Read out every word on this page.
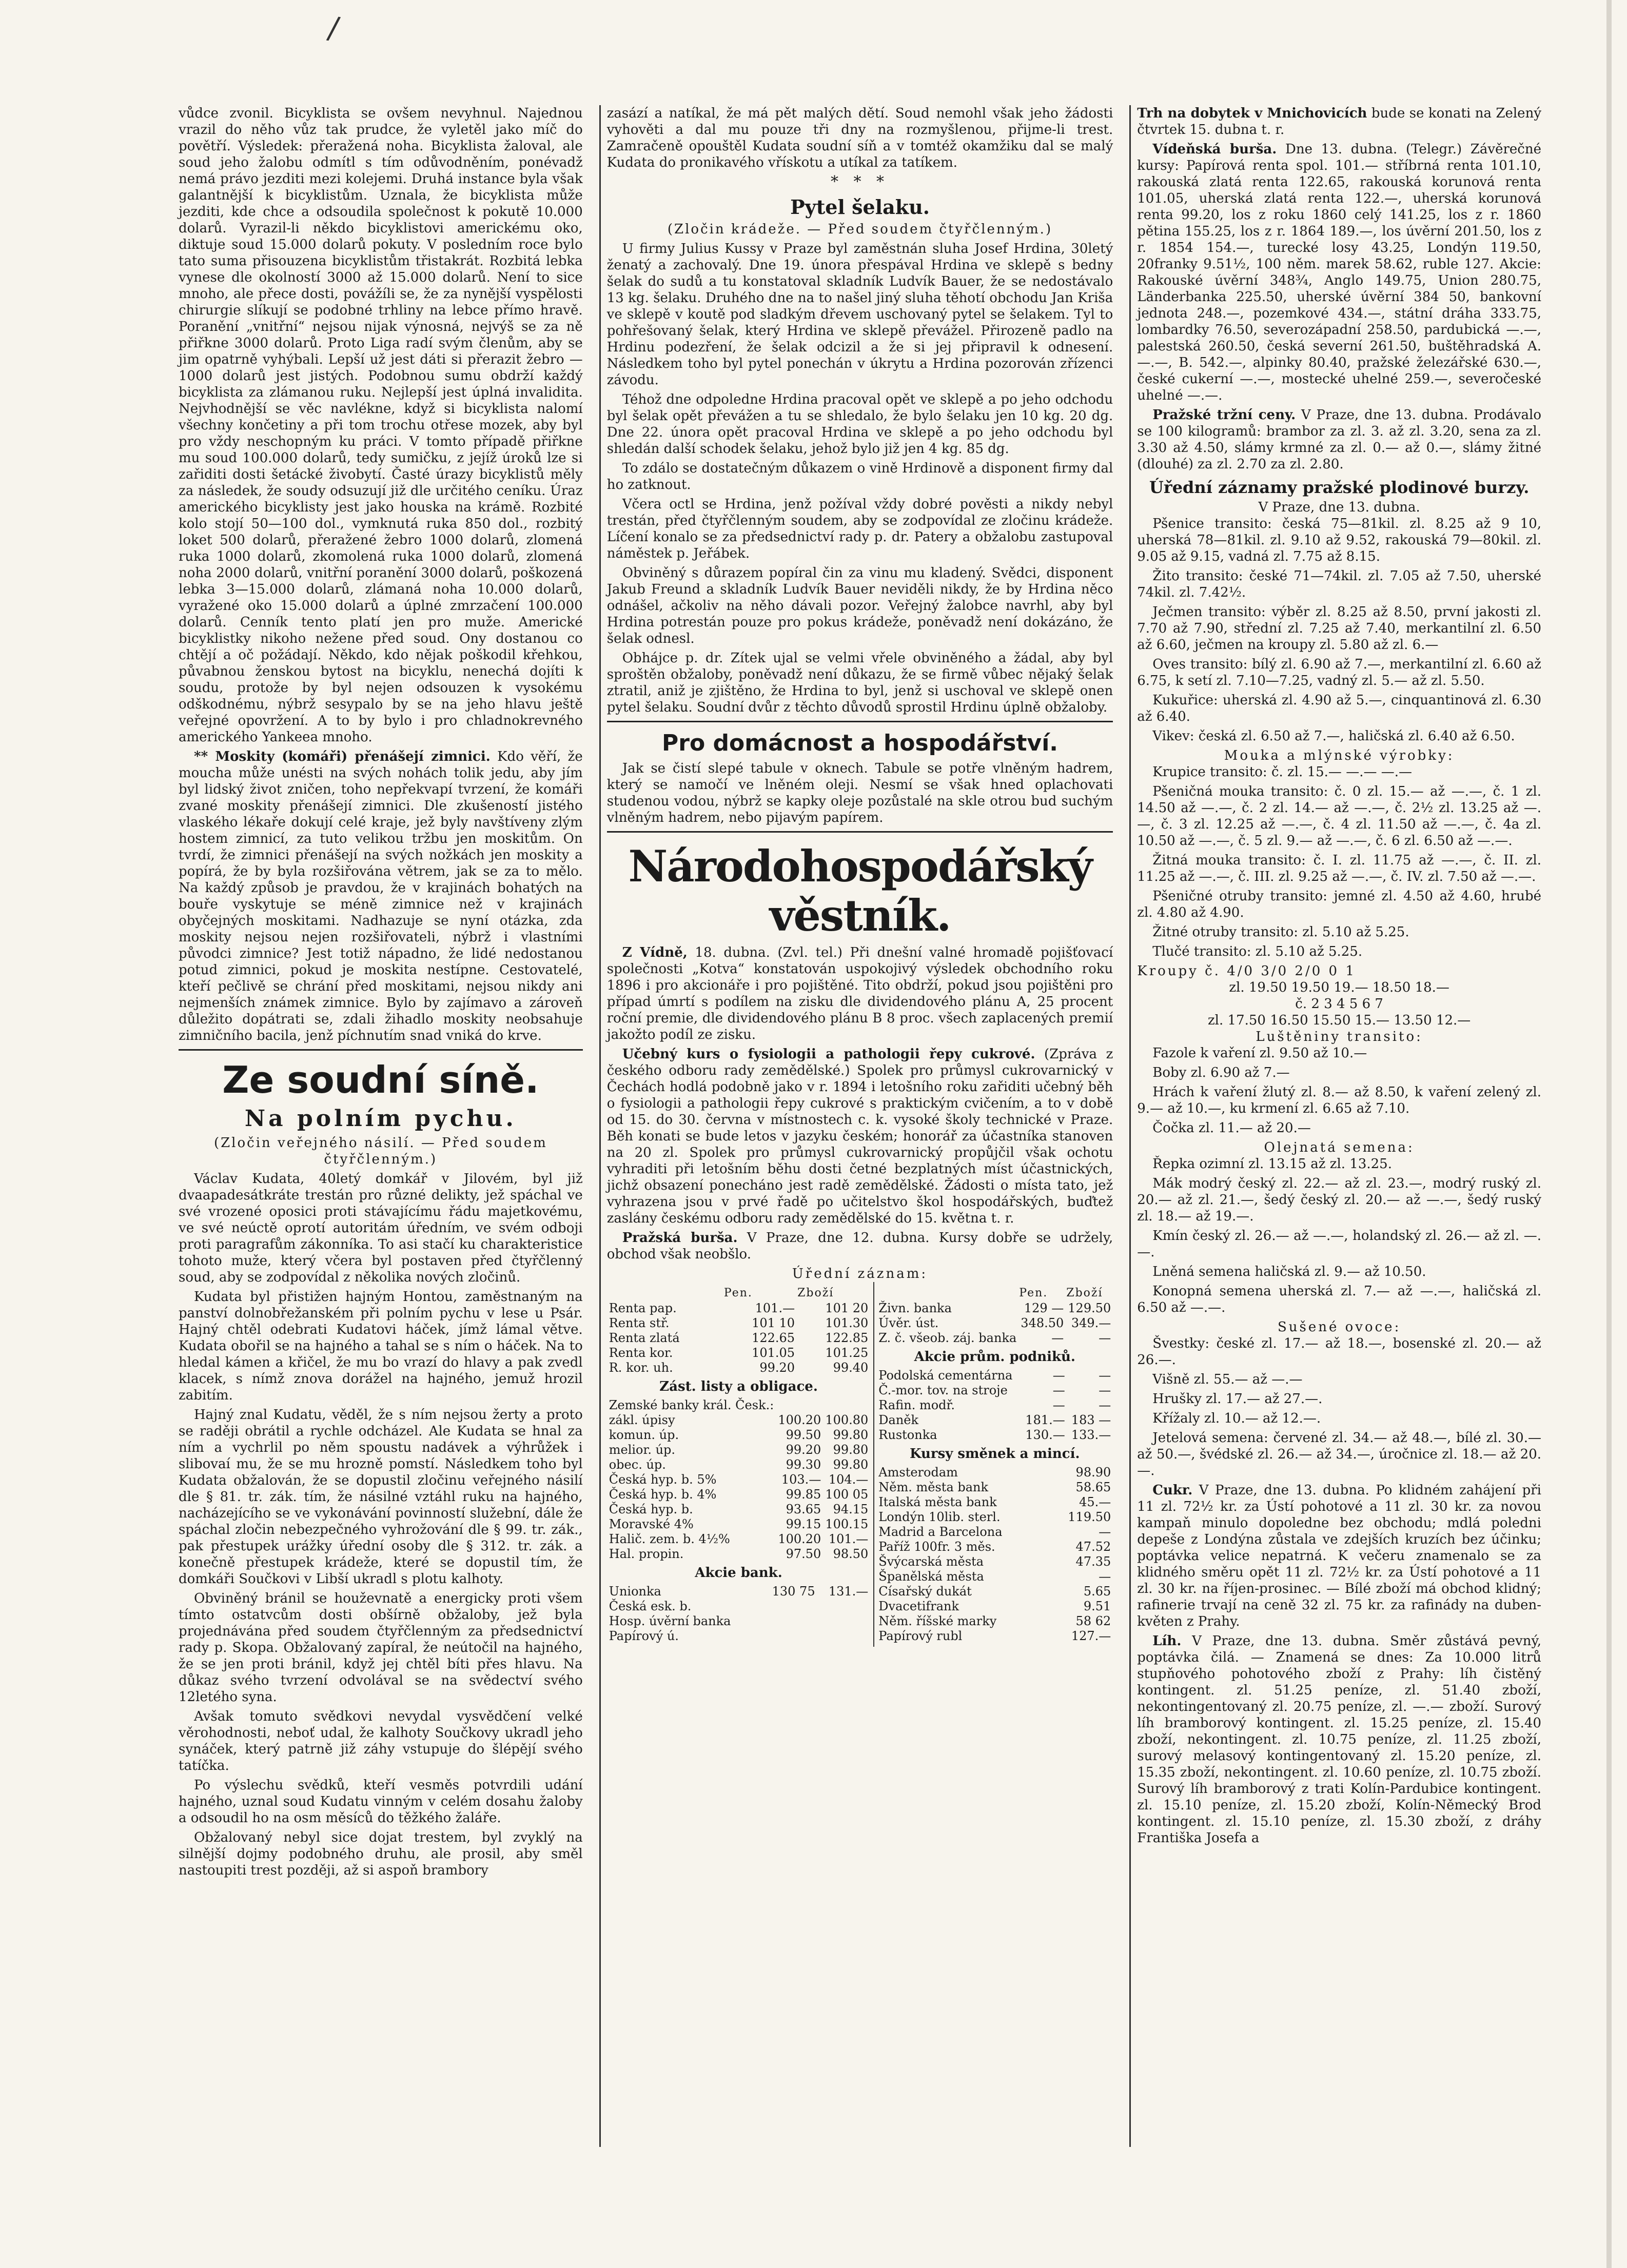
/

vůdce zvonil. Bicyklista se ovšem nevyhnul. Najednou vrazil do něho vůz tak prudce, že vyletěl jako míč do povětří. Výsledek: přeražená noha. Bicyklista žaloval, ale soud jeho žalobu odmítl s tím odůvodněním, ponévadž nemá právo jezditi mezi kolejemi. Druhá instance byla však galantnější k bicyklistům. Uznala, že bicyklista může jezditi, kde chce a odsoudila společnost k pokutě 10.000 dolarů. Vyrazil-li někdo bicyklistovi americkému oko, diktuje soud 15.000 dolarů pokuty. V posledním roce bylo tato suma přisouzena bicyklistům třistakrát. Rozbitá lebka vynese dle okolností 3000 až 15.000 dolarů. Není to sice mnoho, ale přece dosti, povážíli se, že za nynější vyspělosti chirurgie slíkují se podobné trhliny na lebce přímo hravě. Poranění „vnitřní“ nejsou nijak výnosná, nejvýš se za ně přiřkne 3000 dolarů. Proto Liga radí svým členům, aby se jim opatrně vyhýbali. Lepší už jest dáti si přerazit žebro — 1000 dolarů jest jistých. Podobnou sumu obdrží každý bicyklista za zlámanou ruku. Nejlepší jest úplná invalidita. Nejvhodnější se věc navlékne, když si bicyklista nalomí všechny končetiny a při tom trochu otřese mozek, aby byl pro vždy neschopným ku práci. V tomto případě přiřkne mu soud 100.000 dolarů, tedy sumičku, z jejíž úroků lze si zařiditi dosti šetácké živobytí. Časté úrazy bicyklistů měly za následek, že soudy odsuzují již dle určitého ceníku. Úraz amerického bicyklisty jest jako houska na krámě. Rozbité kolo stojí 50—100 dol., vymknutá ruka 850 dol., rozbitý loket 500 dolarů, přeražené žebro 1000 dolarů, zlomená ruka 1000 dolarů, zkomolená ruka 1000 dolarů, zlomená noha 2000 dolarů, vnitřní poranění 3000 dolarů, poškozená lebka 3—15.000 dolarů, zlámaná noha 10.000 dolarů, vyražené oko 15.000 dolarů a úplné zmrzačení 100.000 dolarů. Cenník tento platí jen pro muže. Americké bicyklistky nikoho nežene před soud. Ony dostanou co chtějí a oč požádají. Někdo, kdo nějak poškodil křehkou, půvabnou ženskou bytost na bicyklu, nenechá dojíti k soudu, protože by byl nejen odsouzen k vysokému odškodnému, nýbrž sesypalo by se na jeho hlavu ještě veřejné opovržení. A to by bylo i pro chladnokrevného amerického Yankeea mnoho.

** Moskity (komáři) přenášejí zimnici. Kdo věří, že moucha může unésti na svých nohách tolik jedu, aby jím byl lidský život zničen, toho nepřekvapí tvrzení, že komáři zvané moskity přenášejí zimnici. Dle zkušeností jistého vlaského lékaře dokují celé kraje, jež byly navštíveny zlým hostem zimnicí, za tuto velikou tržbu jen moskitům. On tvrdí, že zimnici přenášejí na svých nožkách jen moskity a popírá, že by byla rozšiřována větrem, jak se za to mělo. Na každý způsob je pravdou, že v krajinách bohatých na bouře vyskytuje se méně zimnice než v krajinách obyčejných moskitami. Nadhazuje se nyní otázka, zda moskity nejsou nejen rozšiřovateli, nýbrž i vlastními původci zimnice? Jest totiž nápadno, že lidé nedostanou potud zimnici, pokud je moskita nestípne. Cestovatelé, kteří pečlivě se chrání před moskitami, nejsou nikdy ani nejmenších známek zimnice. Bylo by zajímavo a zároveň důležito dopátrati se, zdali žihadlo moskity neobsahuje zimničního bacila, jenž píchnutím snad vniká do krve.

Ze soudní síně.
Na polním pychu.
(Zločin veřejného násilí. — Před soudem čtyřčlenným.)

Václav Kudata, 40letý domkář v Jilovém, byl již dvaapadesátkráte trestán pro různé delikty, jež spáchal ve své vrozené oposici proti stávajícímu řádu majetkovému, ve své neúctě oprotí autoritám úředním, ve svém odboji proti paragrafům zákonníka. To asi stačí ku charakteristice tohoto muže, který včera byl postaven před čtyřčlenný soud, aby se zodpovídal z několika nových zločinů.

Kudata byl přistižen hajným Hontou, zaměstnaným na panství dolnobřežanském při polním pychu v lese u Psár. Hajný chtěl odebrati Kudatovi háček, jímž lámal větve. Kudata obořil se na hajného a tahal se s ním o háček. Na to hledal kámen a křičel, že mu bo vrazí do hlavy a pak zvedl klacek, s nímž znova dorážel na hajného, jemuž hrozil zabitím.

Hajný znal Kudatu, věděl, že s ním nejsou žerty a proto se raději obrátil a rychle odcházel. Ale Kudata se hnal za ním a vychrlil po něm spoustu nadávek a výhrůžek i slibovaí mu, že se mu hrozně pomstí. Následkem toho byl Kudata obžalován, že se dopustil zločinu veřejného násilí dle § 81. tr. zák. tím, že násilné vztáhl ruku na hajného, nacházejícího se ve vykonávání povinností služební, dále že spáchal zločin nebezpečného vyhrožování dle § 99. tr. zák., pak přestupek urážky úřední osoby dle § 312. tr. zák. a konečně přestupek krádeže, které se dopustil tím, že domkáři Součkovi v Libší ukradl s plotu kalhoty.

Obviněný bránil se houževnatě a energicky proti všem tímto ostatvcům dosti obšírně obžaloby, jež byla projednávána před soudem čtyřčlenným za předsednictví rady p. Skopa. Obžalovaný zapíral, že neútočil na hajného, že se jen proti bránil, když jej chtěl bíti přes hlavu. Na důkaz svého tvrzení odvolával se na svědectví svého 12letého syna.

Avšak tomuto svědkovi nevydal vysvědčení velké věrohodnosti, neboť udal, že kalhoty Součkovy ukradl jeho synáček, který patrně již záhy vstupuje do šlépějí svého tatíčka.

Po výslechu svědků, kteří vesměs potvrdili udání hajného, uznal soud Kudatu vinným v celém dosahu žaloby a odsoudil ho na osm měsíců do těžkého žaláře.

Obžalovaný nebyl sice dojat trestem, byl zvyklý na silnější dojmy podobného druhu, ale prosil, aby směl nastoupiti trest později, až si aspoň brambory

zasází a natíkal, že má pět malých dětí. Soud nemohl však jeho žádosti vyhověti a dal mu pouze tři dny na rozmyšlenou, přijme-li trest. Zamračeně opouštěl Kudata soudní síň a v tomtéž okamžiku dal se malý Kudata do pronikavého vřískotu a utíkal za tatíkem.

* * *
Pytel šelaku.
(Zločin krádeže. — Před soudem čtyřčlenným.)

U firmy Julius Kussy v Praze byl zaměstnán sluha Josef Hrdina, 30letý ženatý a zachovalý. Dne 19. února přespával Hrdina ve sklepě s bedny šelak do sudů a tu konstatoval skladník Ludvík Bauer, že se nedostávalo 13 kg. šelaku. Druhého dne na to našel jiný sluha těhotí obchodu Jan Kriša ve sklepě v koutě pod sladkým dřevem uschovaný pytel se šelakem. Tyl to pohřešovaný šelak, který Hrdina ve sklepě převážel. Přirozeně padlo na Hrdinu podezření, že šelak odcizil a že si jej připravil k odnesení. Následkem toho byl pytel ponechán v úkrytu a Hrdina pozorován zřízenci závodu.

Téhož dne odpoledne Hrdina pracoval opět ve sklepě a po jeho odchodu byl šelak opět převážen a tu se shledalo, že bylo šelaku jen 10 kg. 20 dg. Dne 22. února opět pracoval Hrdina ve sklepě a po jeho odchodu byl shledán další schodek šelaku, jehož bylo již jen 4 kg. 85 dg.

To zdálo se dostatečným důkazem o vině Hrdinově a disponent firmy dal ho zatknout.

Včera octl se Hrdina, jenž požíval vždy dobré pověsti a nikdy nebyl trestán, před čtyřčlenným soudem, aby se zodpovídal ze zločinu krádeže. Líčení konalo se za předsednictví rady p. dr. Patery a obžalobu zastupoval náměstek p. Jeřábek.

Obviněný s důrazem popíral čin za vinu mu kladený. Svědci, disponent Jakub Freund a skladník Ludvík Bauer neviděli nikdy, že by Hrdina něco odnášel, ačkoliv na něho dávali pozor. Veřejný žalobce navrhl, aby byl Hrdina potrestán pouze pro pokus krádeže, poněvadž není dokázáno, že šelak odnesl.

Obhájce p. dr. Zítek ujal se velmi vřele obviněného a žádal, aby byl sproštěn obžaloby, poněvadž není důkazu, že se firmě vůbec nějaký šelak ztratil, aniž je zjištěno, že Hrdina to byl, jenž si uschoval ve sklepě onen pytel šelaku. Soudní dvůr z těchto důvodů sprostil Hrdinu úplně obžaloby.

Pro domácnost a hospodářství.

Jak se čistí slepé tabule v oknech. Tabule se potře vlněným hadrem, který se namočí ve lněném oleji. Nesmí se však hned oplachovati studenou vodou, nýbrž se kapky oleje pozůstalé na skle otrou bud suchým vlněným hadrem, nebo pijavým papírem.

Národohospodářský věstník.

Z Vídně, 18. dubna. (Zvl. tel.) Při dnešní valné hromadě pojišťovací společnosti „Kotva“ konstatován uspokojivý výsledek obchodního roku 1896 i pro akcionáře i pro pojištěné. Tito obdrží, pokud jsou pojištěni pro případ úmrtí s podílem na zisku dle dividendového plánu A, 25 procent roční premie, dle dividendového plánu B 8 proc. všech zaplacených premií jakožto podíl ze zisku.

Učebný kurs o fysiologii a pathologii řepy cukrové. (Zpráva z českého odboru rady zemědělské.) Spolek pro průmysl cukrovarnický v Čechách hodlá podobně jako v r. 1894 i letošního roku zařiditi učebný běh o fysiologii a pathologii řepy cukrové s praktickým cvičením, a to v době od 15. do 30. června v místnostech c. k. vysoké školy technické v Praze. Běh konati se bude letos v jazyku českém; honorář za účastníka stanoven na 20 zl. Spolek pro průmysl cukrovarnický propůjčil však ochotu vyhraditi při letošním běhu dosti četné bezplatných míst účastnických, jichž obsazení ponecháno jest radě zemědělské. Žádosti o místa tato, jež vyhrazena jsou v prvé řadě po učitelstvo škol hospodářských, buďtež zaslány českému odboru rady zemědělské do 15. května t. r.

Pražská burša. V Praze, dne 12. dubna. Kursy dobře se udržely, obchod však neobšlo.

Úřední záznam:
	Pen.	Zboží
Renta pap.	101.—	101 20
Renta stř.	101 10	101.30
Renta zlatá	122.65	122.85
Renta kor.	101.05	101.25
R. kor. uh.	99.20	99.40
Zást. listy a obligace.
Zemské banky král. Česk.:		
zákl. úpisy	100.20	100.80
komun. úp.	99.50	99.80
melior. úp.	99.20	99.80
obec. úp.	99.30	99.80
Česká hyp. b. 5%	103.—	104.—
Česká hyp. b. 4%	99.85	100 05
Česká hyp. b.	93.65	94.15
Moravské 4%	99.15	100.15
Halič. zem. b. 4½%	100.20	101.—
Hal. propin.	97.50	98.50
Akcie bank.
Unionka	130 75	131.—
Česká esk. b.		
Hosp. úvěrní banka		
Papírový ú.		
	Pen.	Zboží
Živn. banka	129 —	129.50
Úvěr. úst.	348.50	349.—
Z. č. všeob. záj. banka	—	—
Akcie prům. podniků.
Podolská cementárna	—	—
Č.-mor. tov. na stroje	—	—
Rafin. modř.	—	—
Daněk	181.—	183 —
Rustonka	130.—	133.—
Kursy směnek a mincí.
Amsterodam		98.90
Něm. města bank		58.65
Italská města bank		45.—
Londýn 10lib. sterl.		119.50
Madrid a Barcelona		—
Paříž 100fr. 3 měs.		47.52
Švýcarská města		47.35
Španělská města		—
Císařský dukát		5.65
Dvacetifrank		9.51
Něm. říšské marky		58 62
Papírový rubl		127.—

Trh na dobytek v Mnichovicích bude se konati na Zelený čtvrtek 15. dubna t. r.

Vídeňská burša. Dne 13. dubna. (Telegr.) Závěrečné kursy: Papírová renta spol. 101.— stříbrná renta 101.10, rakouská zlatá renta 122.65, rakouská korunová renta 101.05, uherská zlatá renta 122.—, uherská korunová renta 99.20, los z roku 1860 celý 141.25, los z r. 1860 pětina 155.25, los z r. 1864 189.—, los úvěrní 201.50, los z r. 1854 154.—, turecké losy 43.25, Londýn 119.50, 20franky 9.51½, 100 něm. marek 58.62, ruble 127. Akcie: Rakouské úvěrní 348¾, Anglo 149.75, Union 280.75, Länderbanka 225.50, uherské úvěrní 384 50, bankovní jednota 248.—, pozemkové 434.—, státní dráha 333.75, lombardky 76.50, severozápadní 258.50, pardubická —.—, palestská 260.50, česká severní 261.50, buštěhradská A. —.—, B. 542.—, alpinky 80.40, pražské železářské 630.—, české cukerní —.—, mostecké uhelné 259.—, severočeské uhelné —.—.

Pražské tržní ceny. V Praze, dne 13. dubna. Prodávalo se 100 kilogramů: brambor za zl. 3. až zl. 3.20, sena za zl. 3.30 až 4.50, slámy krmné za zl. 0.— až 0.—, slámy žitné (dlouhé) za zl. 2.70 za zl. 2.80.

Úřední záznamy pražské plodinové burzy.
V Praze, dne 13. dubna.

Pšenice transito: česká 75—81kil. zl. 8.25 až 9 10, uherská 78—81kil. zl. 9.10 až 9.52, rakouská 79—80kil. zl. 9.05 až 9.15, vadná zl. 7.75 až 8.15.

Žito transito: české 71—74kil. zl. 7.05 až 7.50, uherské 74kil. zl. 7.42½.

Ječmen transito: výběr zl. 8.25 až 8.50, první jakosti zl. 7.70 až 7.90, střední zl. 7.25 až 7.40, merkantilní zl. 6.50 až 6.60, ječmen na kroupy zl. 5.80 až zl. 6.—

Oves transito: bílý zl. 6.90 až 7.—, merkantilní zl. 6.60 až 6.75, k setí zl. 7.10—7.25, vadný zl. 5.— až zl. 5.50.

Kukuřice: uherská zl. 4.90 až 5.—, cinquantinová zl. 6.30 až 6.40.

Vikev: česká zl. 6.50 až 7.—, haličská zl. 6.40 až 6.50.

Mouka a mlýnské výrobky:

Krupice transito: č. zl. 15.— —.— —.—

Pšeničná mouka transito: č. 0 zl. 15.— až —.—, č. 1 zl. 14.50 až —.—, č. 2 zl. 14.— až —.—, č. 2½ zl. 13.25 až —.—, č. 3 zl. 12.25 až —.—, č. 4 zl. 11.50 až —.—, č. 4a zl. 10.50 až —.—, č. 5 zl. 9.— až —.—, č. 6 zl. 6.50 až —.—.

Žitná mouka transito: č. I. zl. 11.75 až —.—, č. II. zl. 11.25 až —.—, č. III. zl. 9.25 až —.—, č. IV. zl. 7.50 až —.—.

Pšeničné otruby transito: jemné zl. 4.50 až 4.60, hrubé zl. 4.80 až 4.90.

Žitné otruby transito: zl. 5.10 až 5.25.

Tlučé transito: zl. 5.10 až 5.25.

Kroupy č. 4/0 3/0 2/0 0 1
zl. 19.50 19.50 19.— 18.50 18.—
č. 2 3 4 5 6 7
zl. 17.50 16.50 15.50 15.— 13.50 12.—
Luštěniny transito:

Fazole k vaření zl. 9.50 až 10.—

Boby zl. 6.90 až 7.—

Hrách k vaření žlutý zl. 8.— až 8.50, k vaření zelený zl. 9.— až 10.—, ku krmení zl. 6.65 až 7.10.

Čočka zl. 11.— až 20.—

Olejnatá semena:

Řepka ozimní zl. 13.15 až zl. 13.25.

Mák modrý český zl. 22.— až zl. 23.—, modrý ruský zl. 20.— až zl. 21.—, šedý český zl. 20.— až —.—, šedý ruský zl. 18.— až 19.—.

Kmín český zl. 26.— až —.—, holandský zl. 26.— až zl. —.—.

Lněná semena haličská zl. 9.— až 10.50.

Konopná semena uherská zl. 7.— až —.—, haličská zl. 6.50 až —.—.

Sušené ovoce:

Švestky: české zl. 17.— až 18.—, bosenské zl. 20.— až 26.—.

Višně zl. 55.— až —.—

Hrušky zl. 17.— až 27.—.

Křížaly zl. 10.— až 12.—.

Jetelová semena: červené zl. 34.— až 48.—, bílé zl. 30.— až 50.—, švédské zl. 26.— až 34.—, úročnice zl. 18.— až 20.—.

Cukr. V Praze, dne 13. dubna. Po klidném zahájení při 11 zl. 72½ kr. za Ústí pohotové a 11 zl. 30 kr. za novou kampaň minulo dopoledne bez obchodu; mdlá poledni depeše z Londýna zůstala ve zdejších kruzích bez účinku; poptávka velice nepatrná. K večeru znamenalo se za klidného směru opět 11 zl. 72½ kr. za Ústí pohotové a 11 zl. 30 kr. na říjen-prosinec. — Bílé zboží má obchod klidný; rafinerie trvají na ceně 32 zl. 75 kr. za rafinády na duben-květen z Prahy.

Líh. V Praze, dne 13. dubna. Směr zůstává pevný, poptávka čilá. — Znamená se dnes: Za 10.000 litrů stupňového pohotového zboží z Prahy: líh čistěný kontingent. zl. 51.25 peníze, zl. 51.40 zboží, nekontingentovaný zl. 20.75 peníze, zl. —.— zboží. Surový líh bramborový kontingent. zl. 15.25 peníze, zl. 15.40 zboží, nekontingent. zl. 10.75 peníze, zl. 11.25 zboží, surový melasový kontingentovaný zl. 15.20 peníze, zl. 15.35 zboží, nekontingent. zl. 10.60 peníze, zl. 10.75 zboží. Surový líh bramborový z trati Kolín-Pardubice kontingent. zl. 15.10 peníze, zl. 15.20 zboží, Kolín-Německý Brod kontingent. zl. 15.10 peníze, zl. 15.30 zboží, z dráhy Františka Josefa a
